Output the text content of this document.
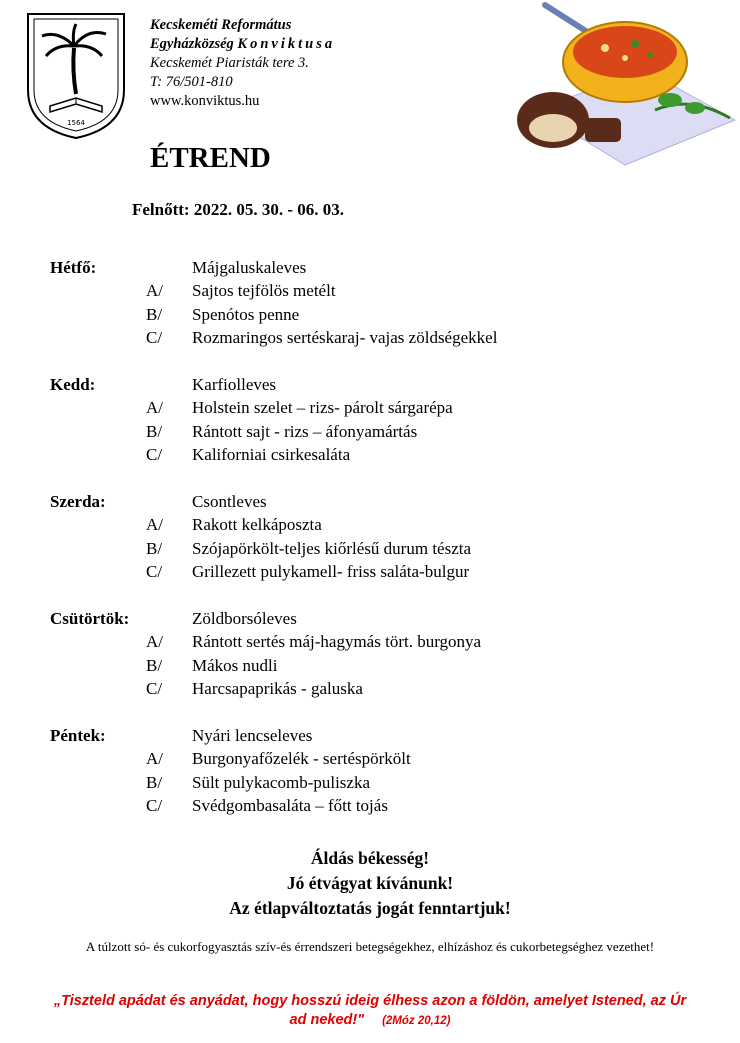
1564
Kecskeméti Református
Egyházközség Konviktusa
Kecskemét Piaristák tere 3.
T: 76/501-810
www.konviktus.hu
ÉTREND
Felnőtt: 2022. 05. 30. - 06. 03.
Hétfő:	Májgaluskaleves
A/	Sajtos tejfölös metélt
B/	Spenótos penne
C/	Rozmaringos sertéskaraj- vajas zöldségekkel
Kedd:	Karfiolleves
A/	Holstein szelet – rizs- párolt sárgarépa
B/	Rántott sajt - rizs – áfonyamártás
C/	Kaliforniai csirkesaláta
Szerda:	Csontleves
A/	Rakott kelkáposzta
B/	Szójapörkölt-teljes kiőrlésű durum tészta
C/	Grillezett pulykamell- friss saláta-bulgur
Csütörtök:	Zöldborsóleves
A/	Rántott sertés máj-hagymás tört. burgonya
B/	Mákos nudli
C/	Harcsapaprikás - galuska
Péntek:	Nyári lencseleves
A/	Burgonyafőzelék - sertéspörkölt
B/	Sült pulykacomb-puliszka
C/	Svédgombasaláta – főtt tojás
Áldás békesség!
Jó étvágyat kívánunk!
Az étlapváltoztatás jogát fenntartjuk!
A túlzott só- és cukorfogyasztás szív-és érrendszeri betegségekhez, elhízáshoz és cukorbetegséghez vezethet!
„Tiszteld apádat és anyádat, hogy hosszú ideig élhess azon a földön, amelyet Istened, az Úr ad neked!" (2Móz 20,12)
